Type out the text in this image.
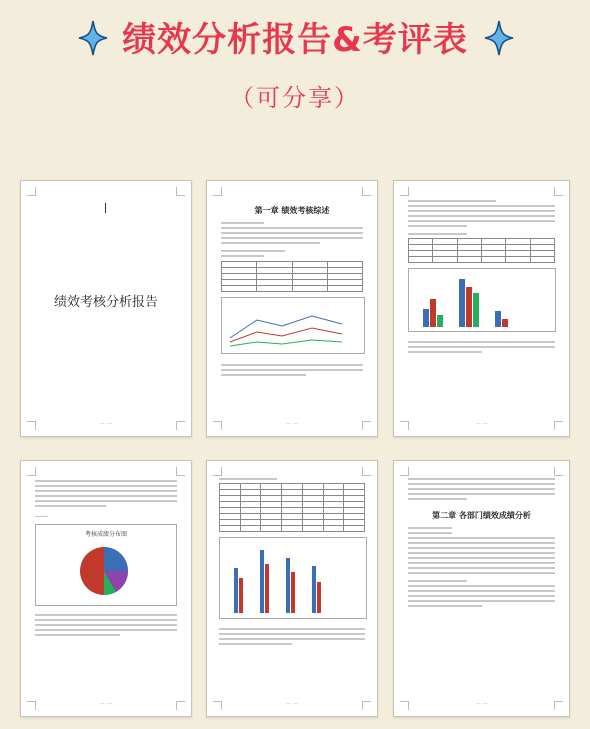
绩效分析报告&考评表
（可分享）
绩效考核分析报告
— · —
第一章 绩效考核综述

— · —

						— · —
———
考核成绩分布图
— · —

							— · —
第二章 各部门绩效成绩分析
— · —
